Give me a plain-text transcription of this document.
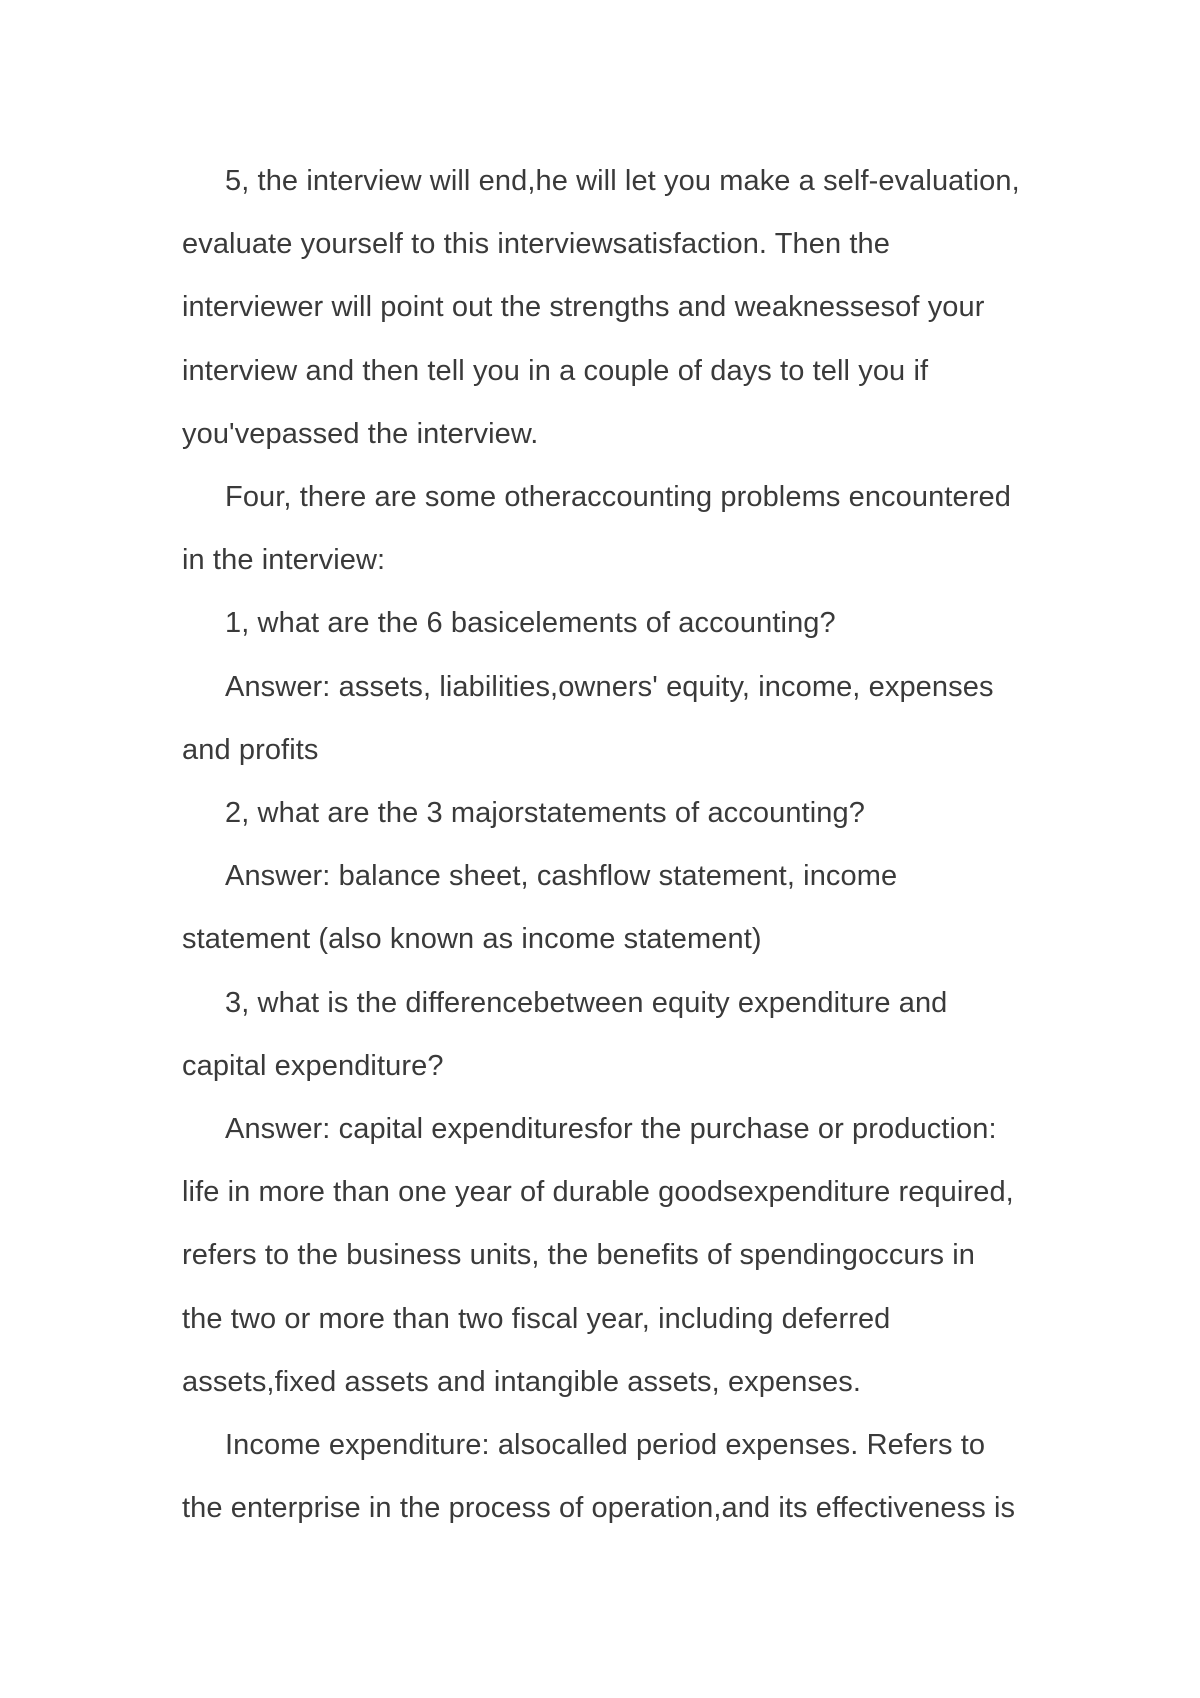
5, the interview will end,he will let you make a self-evaluation,
evaluate yourself to this interviewsatisfaction. Then the
interviewer will point out the strengths and weaknessesof your
interview and then tell you in a couple of days to tell you if
you'vepassed the interview.
Four, there are some otheraccounting problems encountered
in the interview:
1, what are the 6 basicelements of accounting?
Answer: assets, liabilities,owners' equity, income, expenses
and profits
2, what are the 3 majorstatements of accounting?
Answer: balance sheet, cashflow statement, income
statement (also known as income statement)
3, what is the differencebetween equity expenditure and
capital expenditure?
Answer: capital expendituresfor the purchase or production:
life in more than one year of durable goodsexpenditure required,
refers to the business units, the benefits of spendingoccurs in
the two or more than two fiscal year, including deferred
assets,fixed assets and intangible assets, expenses.
Income expenditure: alsocalled period expenses. Refers to
the enterprise in the process of operation,and its effectiveness is
